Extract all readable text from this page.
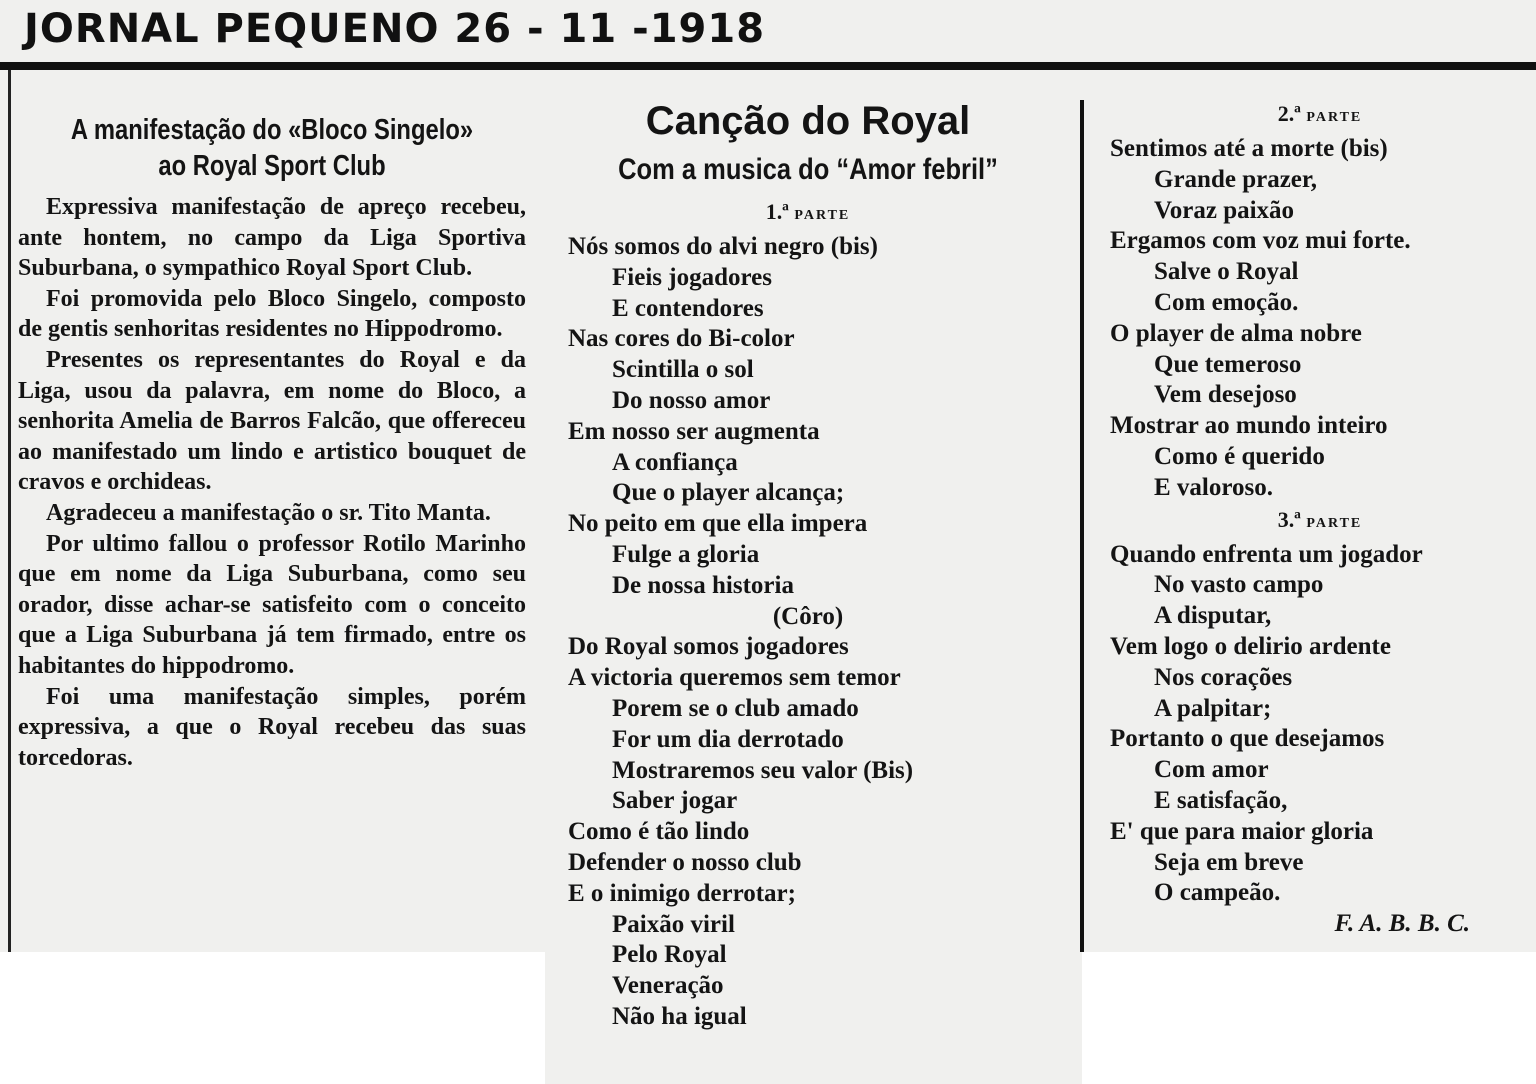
JORNAL PEQUENO 26 - 11 -1918
A manifestação do «Bloco Singelo»
ao Royal Sport Club

Expressiva manifestação de apreço recebeu, ante hontem, no campo da Liga Sportiva Suburbana, o sympathico Royal Sport Club.

Foi promovida pelo Bloco Singelo, composto de gentis senhoritas residentes no Hippodromo.

Presentes os representantes do Royal e da Liga, usou da palavra, em nome do Bloco, a senhorita Amelia de Barros Falcão, que offereceu ao manifestado um lindo e artistico bouquet de cravos e orchideas.

Agradeceu a manifestação o sr. Tito Manta.

Por ultimo fallou o professor Rotilo Marinho que em nome da Liga Suburbana, como seu orador, disse achar-se satisfeito com o conceito que a Liga Suburbana já tem firmado, entre os habitantes do hippodromo.

Foi uma manifestação simples, porém expressiva, a que o Royal recebeu das suas torcedoras.

Canção do Royal
Com a musica do “Amor febril”
1.ª PARTE
Nós somos do alvi negro (bis)
Fieis jogadores
E contendores
Nas cores do Bi-color
Scintilla o sol
Do nosso amor
Em nosso ser augmenta
A confiança
Que o player alcança;
No peito em que ella impera
Fulge a gloria
De nossa historia
(Côro)
Do Royal somos jogadores
A victoria queremos sem temor
Porem se o club amado
For um dia derrotado
Mostraremos seu valor (Bis)
Saber jogar
Como é tão lindo
Defender o nosso club
E o inimigo derrotar;
Paixão viril
Pelo Royal
Veneração
Não ha igual
2.ª PARTE
Sentimos até a morte (bis)
Grande prazer,
Voraz paixão
Ergamos com voz mui forte.
Salve o Royal
Com emoção.
O player de alma nobre
Que temeroso
Vem desejoso
Mostrar ao mundo inteiro
Como é querido
E valoroso.
3.ª PARTE
Quando enfrenta um jogador
No vasto campo
A disputar,
Vem logo o delirio ardente
Nos corações
A palpitar;
Portanto o que desejamos
Com amor
E satisfação,
E' que para maior gloria
Seja em breve
O campeão.
F. A. B. B. C.
